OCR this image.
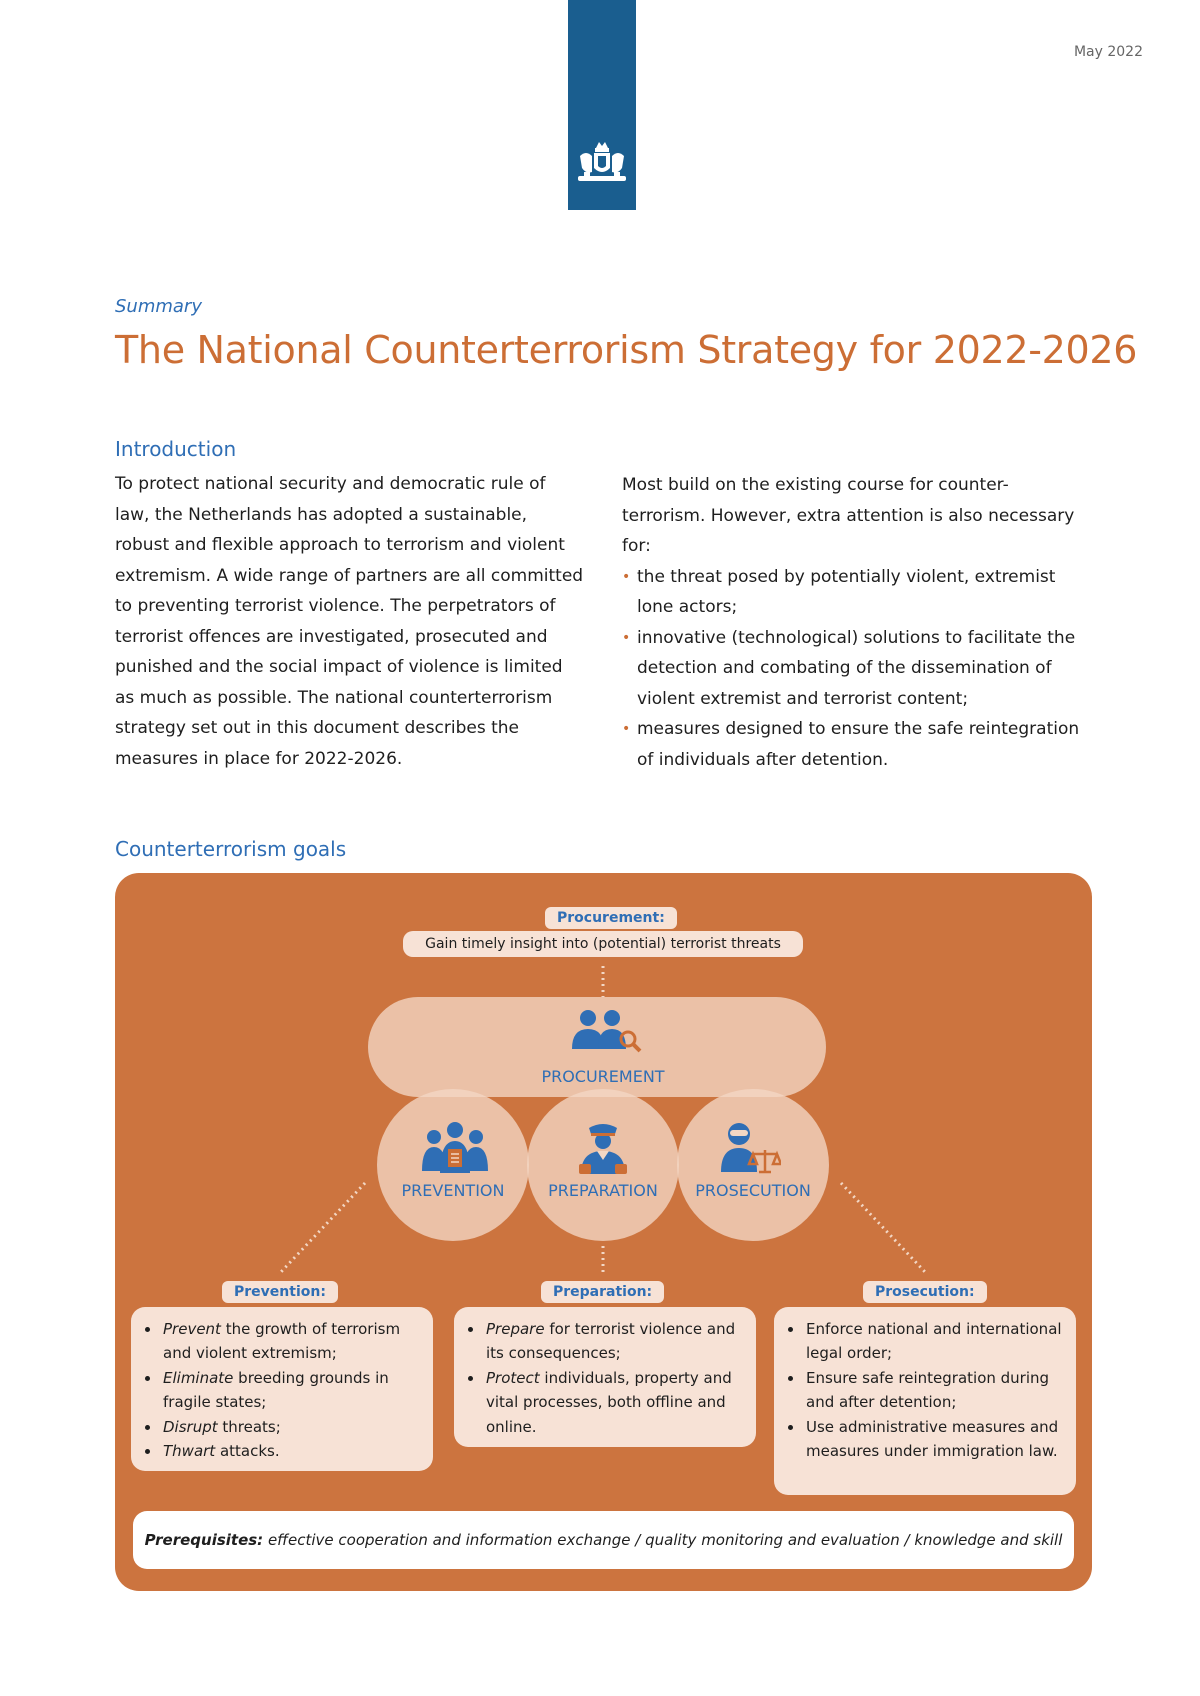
May 2022
Summary
The National Counterterrorism Strategy for 2022-2026
Introduction

To protect national security and democratic rule of law, the Netherlands has adopted a sustainable, robust and flexible approach to terrorism and violent extremism. A wide range of partners are all committed to preventing terrorist violence. The perpetrators of terrorist offences are investigated, prosecuted and punished and the social impact of violence is limited as much as possible. The national counterterrorism strategy set out in this document describes the measures in place for 2022-2026.

Most build on the existing course for counter-terrorism. However, extra attention is also necessary for:

• the threat posed by potentially violent, extremist lone actors;
• innovative (technological) solutions to facilitate the detection and combating of the dissemination of violent extremist and terrorist content;
• measures designed to ensure the safe reintegration of individuals after detention.
Counterterrorism goals
Procurement:
Gain timely insight into (potential) terrorist threats
PROCUREMENT
PREVENTION	PREPARATION	PROSECUTION
• Prevent the growth of terrorism and violent extremism;
• Eliminate breeding grounds in fragile states;
• Disrupt threats;
• Thwart attacks.
• Prepare for terrorist violence and its consequences;
• Protect individuals, property and vital processes, both offline and online.
• Enforce national and international legal order;
• Ensure safe reintegration during and after detention;
• Use administrative measures and measures under immigration law.
Prevention:	Preparation:	Prosecution:
Prerequisites: effective cooperation and information exchange / quality monitoring and evaluation / knowledge and skill
